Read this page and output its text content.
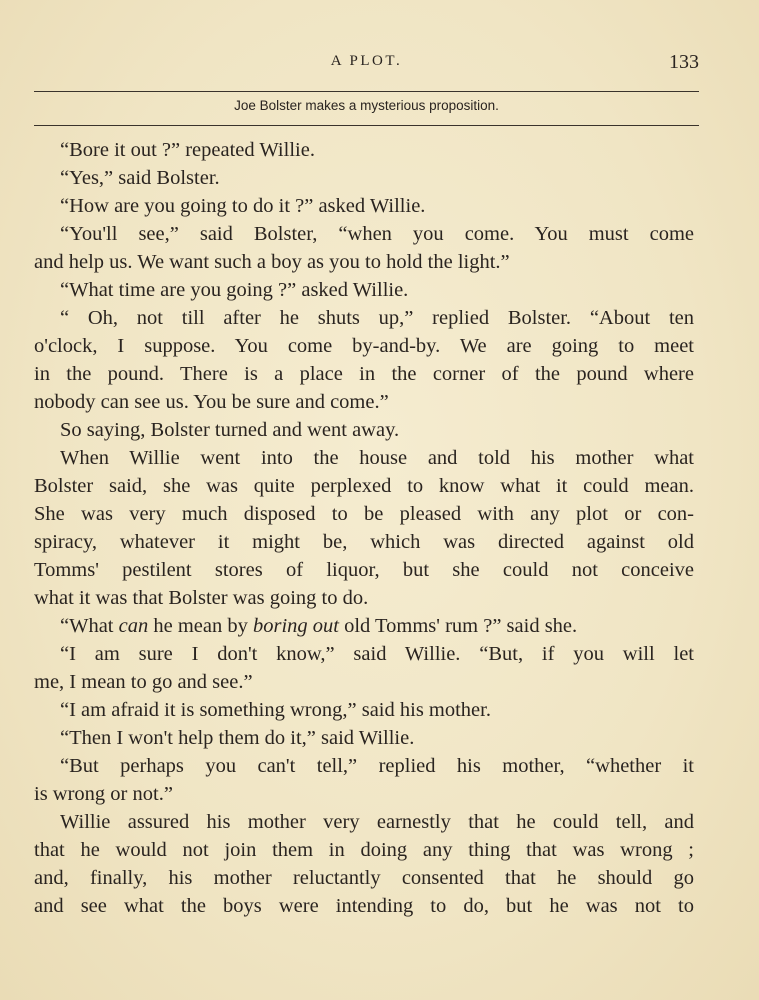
A PLOT.	133
Joe Bolster makes a mysterious proposition.
“Bore it out ?” repeated Willie.
“Yes,” said Bolster.
“How are you going to do it ?” asked Willie.
“You'll see,” said Bolster, “when you come. You must come
and help us. We want such a boy as you to hold the light.”
“What time are you going ?” asked Willie.
“ Oh, not till after he shuts up,” replied Bolster. “About ten
o'clock, I suppose. You come by-and-by. We are going to meet
in the pound. There is a place in the corner of the pound where
nobody can see us. You be sure and come.”
So saying, Bolster turned and went away.
When Willie went into the house and told his mother what
Bolster said, she was quite perplexed to know what it could mean.
She was very much disposed to be pleased with any plot or con-
spiracy, whatever it might be, which was directed against old
Tomms' pestilent stores of liquor, but she could not conceive
what it was that Bolster was going to do.
“What can he mean by boring out old Tomms' rum ?” said she.
“I am sure I don't know,” said Willie. “But, if you will let
me, I mean to go and see.”
“I am afraid it is something wrong,” said his mother.
“Then I won't help them do it,” said Willie.
“But perhaps you can't tell,” replied his mother, “whether it
is wrong or not.”
Willie assured his mother very earnestly that he could tell, and
that he would not join them in doing any thing that was wrong ;
and, finally, his mother reluctantly consented that he should go
and see what the boys were intending to do, but he was not to
